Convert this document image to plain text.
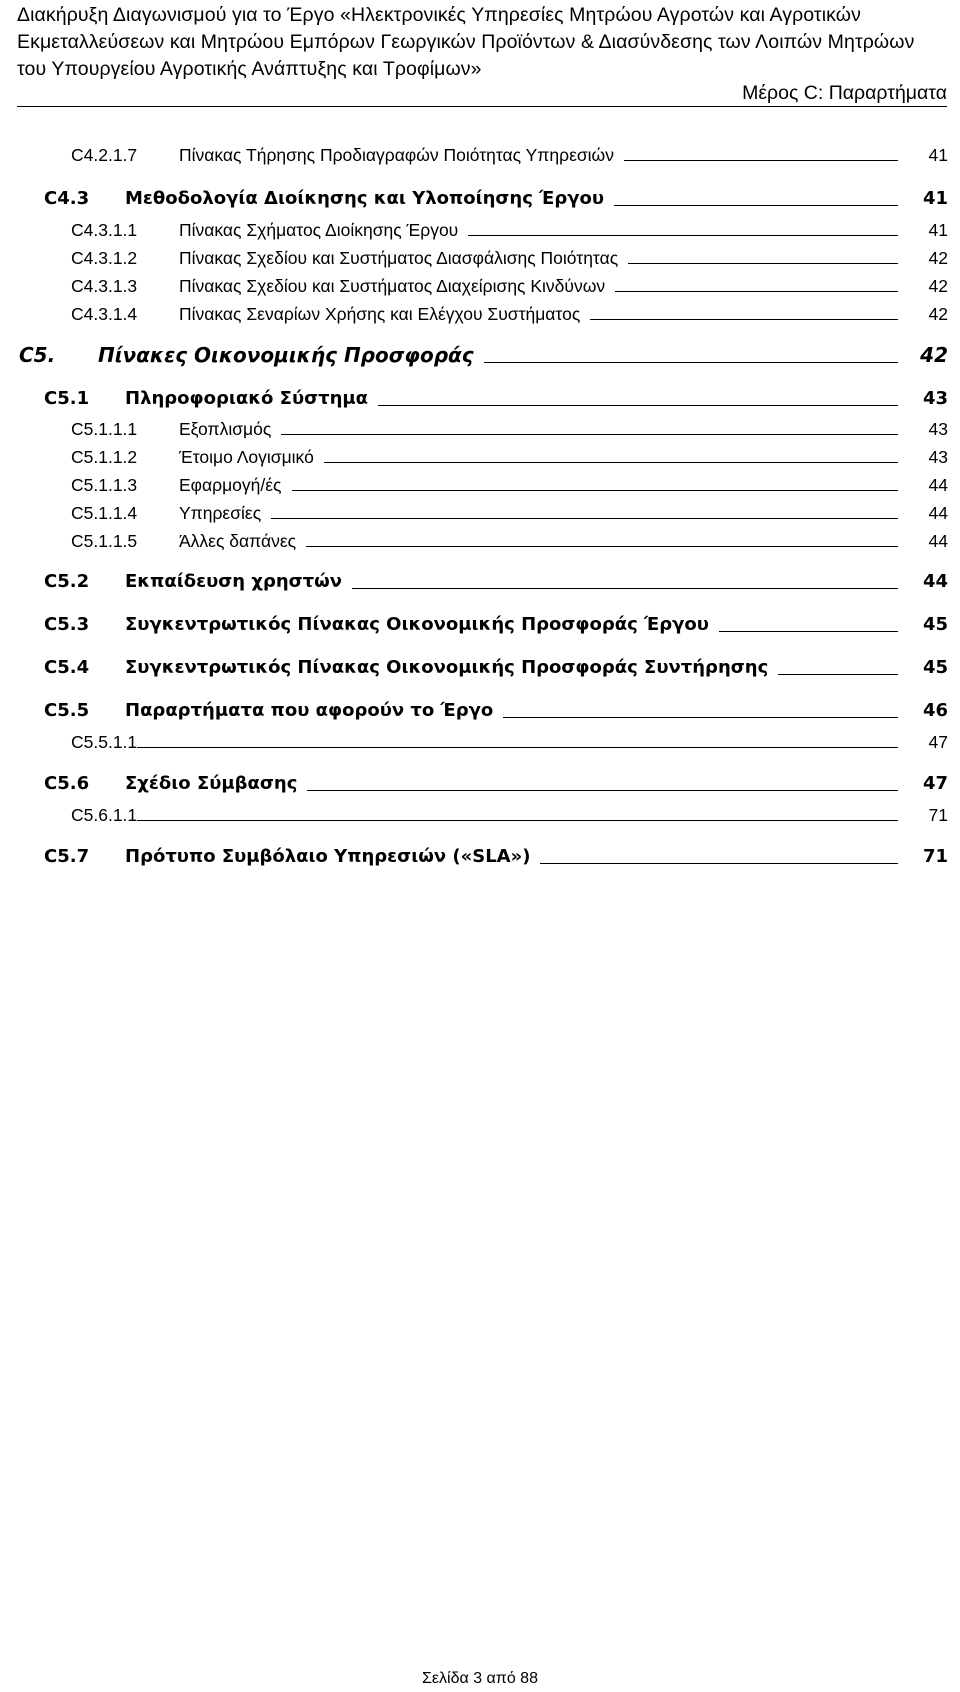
Διακήρυξη Διαγωνισμού για το Έργο «Ηλεκτρονικές Υπηρεσίες Μητρώου Αγροτών και Αγροτικών Εκμεταλλεύσεων και Μητρώου Εμπόρων Γεωργικών Προϊόντων & Διασύνδεσης των Λοιπών Μητρώων του Υπουργείου Αγροτικής Ανάπτυξης και Τροφίμων»
Μέρος C: Παραρτήματα
C4.2.1.7	Πίνακας Τήρησης Προδιαγραφών Ποιότητας Υπηρεσιών	41
C4.3	Μεθοδολογία Διοίκησης και Υλοποίησης Έργου	41
C4.3.1.1	Πίνακας Σχήματος Διοίκησης Έργου	41
C4.3.1.2	Πίνακας Σχεδίου και Συστήματος Διασφάλισης Ποιότητας	42
C4.3.1.3	Πίνακας Σχεδίου και Συστήματος Διαχείρισης Κινδύνων	42
C4.3.1.4	Πίνακας Σεναρίων Χρήσης και Ελέγχου Συστήματος	42
C5.	Πίνακες Οικονομικής Προσφοράς	42
C5.1	Πληροφοριακό Σύστημα	43
C5.1.1.1	Εξοπλισμός	43
C5.1.1.2	Έτοιμο Λογισμικό	43
C5.1.1.3	Εφαρμογή/ές	44
C5.1.1.4	Υπηρεσίες	44
C5.1.1.5	Άλλες δαπάνες	44
C5.2	Εκπαίδευση χρηστών	44
C5.3	Συγκεντρωτικός Πίνακας Οικονομικής Προσφοράς Έργου	45
C5.4	Συγκεντρωτικός Πίνακας Οικονομικής Προσφοράς Συντήρησης	45
C5.5	Παραρτήματα που αφορούν το Έργο	46
C5.5.1.1	47
C5.6	Σχέδιο Σύμβασης	47
C5.6.1.1	71
C5.7	Πρότυπο Συμβόλαιο Υπηρεσιών («SLA»)	71
Σελίδα 3 από 88
